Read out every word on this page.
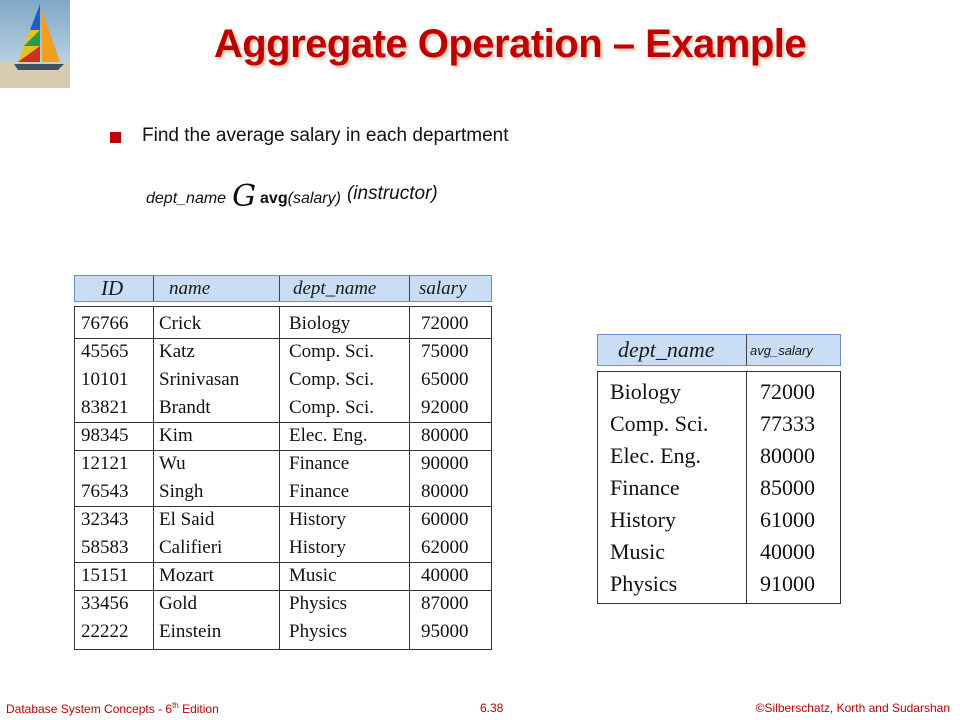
Aggregate Operation – Example
Find the average salary in each department
dept_name G avg(salary) (instructor)
ID name	dept_name salary
76766 Crick	Biology	72000
45565 Katz	Comp. Sci. 75000
10101 Srinivasan	Comp. Sci. 65000
83821 Brandt	Comp. Sci. 92000
98345 Kim	Elec. Eng.	80000
12121 Wu	Finance	90000
76543 Singh	Finance	80000
32343 El Said	History	60000
58583 Califieri	History	62000
15151 Mozart	Music	40000
33456 Gold	Physics	87000
22222 Einstein	Physics	95000
dept_name	avg_salary
Biology	72000
Comp. Sci. 77333
Elec. Eng.	80000
Finance	85000
History	61000
Music	40000
Physics	91000
Database System Concepts - 6th Edition	6.38	©Silberschatz, Korth and Sudarshan
